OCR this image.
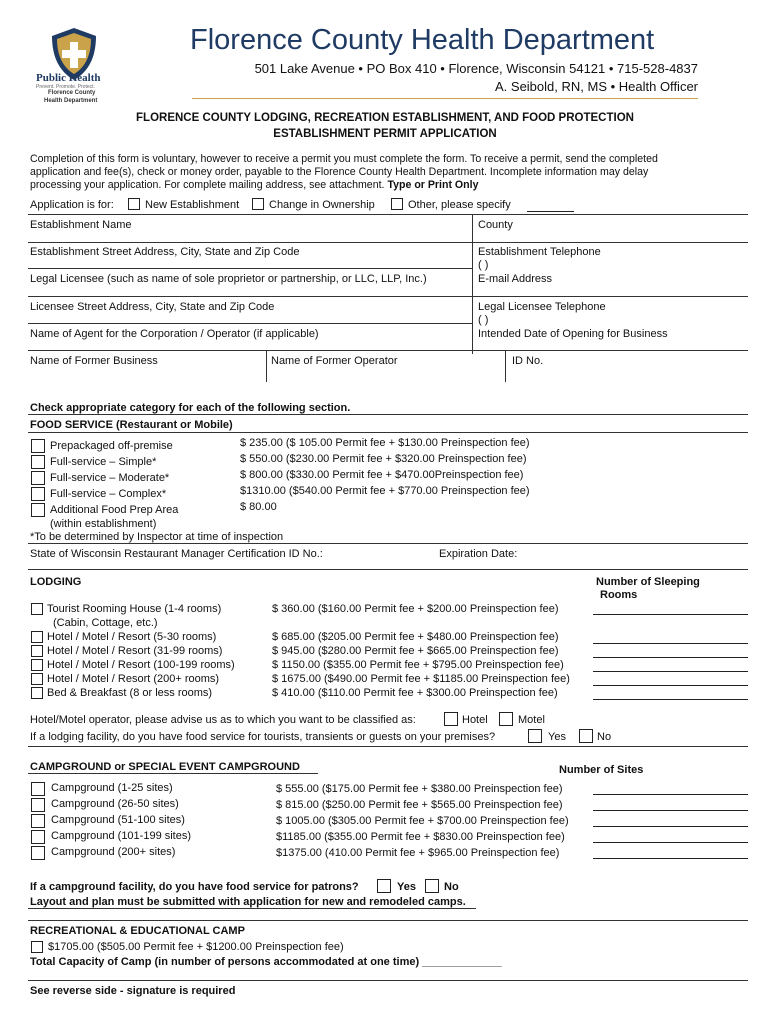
Public Health
Prevent. Promote. Protect.
Florence County
Health Department
Florence County Health Department
501 Lake Avenue • PO Box 410 • Florence, Wisconsin 54121 • 715-528-4837
A. Seibold, RN, MS • Health Officer
FLORENCE COUNTY LODGING, RECREATION ESTABLISHMENT, AND FOOD PROTECTION
ESTABLISHMENT PERMIT APPLICATION
Completion of this form is voluntary, however to receive a permit you must complete the form. To receive a permit, send the completed
application and fee(s), check or money order, payable to the Florence County Health Department. Incomplete information may delay
processing your application. For complete mailing address, see attachment. Type or Print Only
Application is for:	New Establishment	Change in Ownership	Other, please specify
Establishment Name	County
Establishment Street Address, City, State and Zip Code	Establishment Telephone
( )
Legal Licensee (such as name of sole proprietor or partnership, or LLC, LLP, Inc.)	E-mail Address
Licensee Street Address, City, State and Zip Code	Legal Licensee Telephone
( )
Name of Agent for the Corporation / Operator (if applicable)	Intended Date of Opening for Business
Name of Former Business	Name of Former Operator	ID No.
Check appropriate category for each of the following section.
FOOD SERVICE (Restaurant or Mobile)
Prepackaged off-premise	$ 235.00 ($ 105.00 Permit fee + $130.00 Preinspection fee)
Full-service – Simple*	$ 550.00 ($230.00 Permit fee + $320.00 Preinspection fee)
Full-service – Moderate*	$ 800.00 ($330.00 Permit fee + $470.00Preinspection fee)
Full-service – Complex*	$1310.00 ($540.00 Permit fee + $770.00 Preinspection fee)
Additional Food Prep Area	$ 80.00
(within establishment)
*To be determined by Inspector at time of inspection
State of Wisconsin Restaurant Manager Certification ID No.:	Expiration Date:
LODGING	Number of Sleeping
Rooms
Tourist Rooming House (1-4 rooms)	$ 360.00 ($160.00 Permit fee + $200.00 Preinspection fee)
(Cabin, Cottage, etc.)
Hotel / Motel / Resort (5-30 rooms)	$ 685.00 ($205.00 Permit fee + $480.00 Preinspection fee)
Hotel / Motel / Resort (31-99 rooms)	$ 945.00 ($280.00 Permit fee + $665.00 Preinspection fee)
Hotel / Motel / Resort (100-199 rooms)	$ 1150.00 ($355.00 Permit fee + $795.00 Preinspection fee)
Hotel / Motel / Resort (200+ rooms)	$ 1675.00 ($490.00 Permit fee + $1185.00 Preinspection fee)
Bed & Breakfast (8 or less rooms)	$ 410.00 ($110.00 Permit fee + $300.00 Preinspection fee)
Hotel/Motel operator, please advise us as to which you want to be classified as:	Hotel	Motel
If a lodging facility, do you have food service for tourists, transients or guests on your premises?	Yes	No
CAMPGROUND or SPECIAL EVENT CAMPGROUND	Number of Sites
Campground (1-25 sites)	$ 555.00 ($175.00 Permit fee + $380.00 Preinspection fee)
Campground (26-50 sites)	$ 815.00 ($250.00 Permit fee + $565.00 Preinspection fee)
Campground (51-100 sites)	$ 1005.00 ($305.00 Permit fee + $700.00 Preinspection fee)
Campground (101-199 sites)	$1185.00 ($355.00 Permit fee + $830.00 Preinspection fee)
Campground (200+ sites)	$1375.00 (410.00 Permit fee + $965.00 Preinspection fee)
If a campground facility, do you have food service for patrons?	Yes	No
Layout and plan must be submitted with application for new and remodeled camps.
RECREATIONAL & EDUCATIONAL CAMP
$1705.00 ($505.00 Permit fee + $1200.00 Preinspection fee)
Total Capacity of Camp (in number of persons accommodated at one time) _____________
See reverse side - signature is required
